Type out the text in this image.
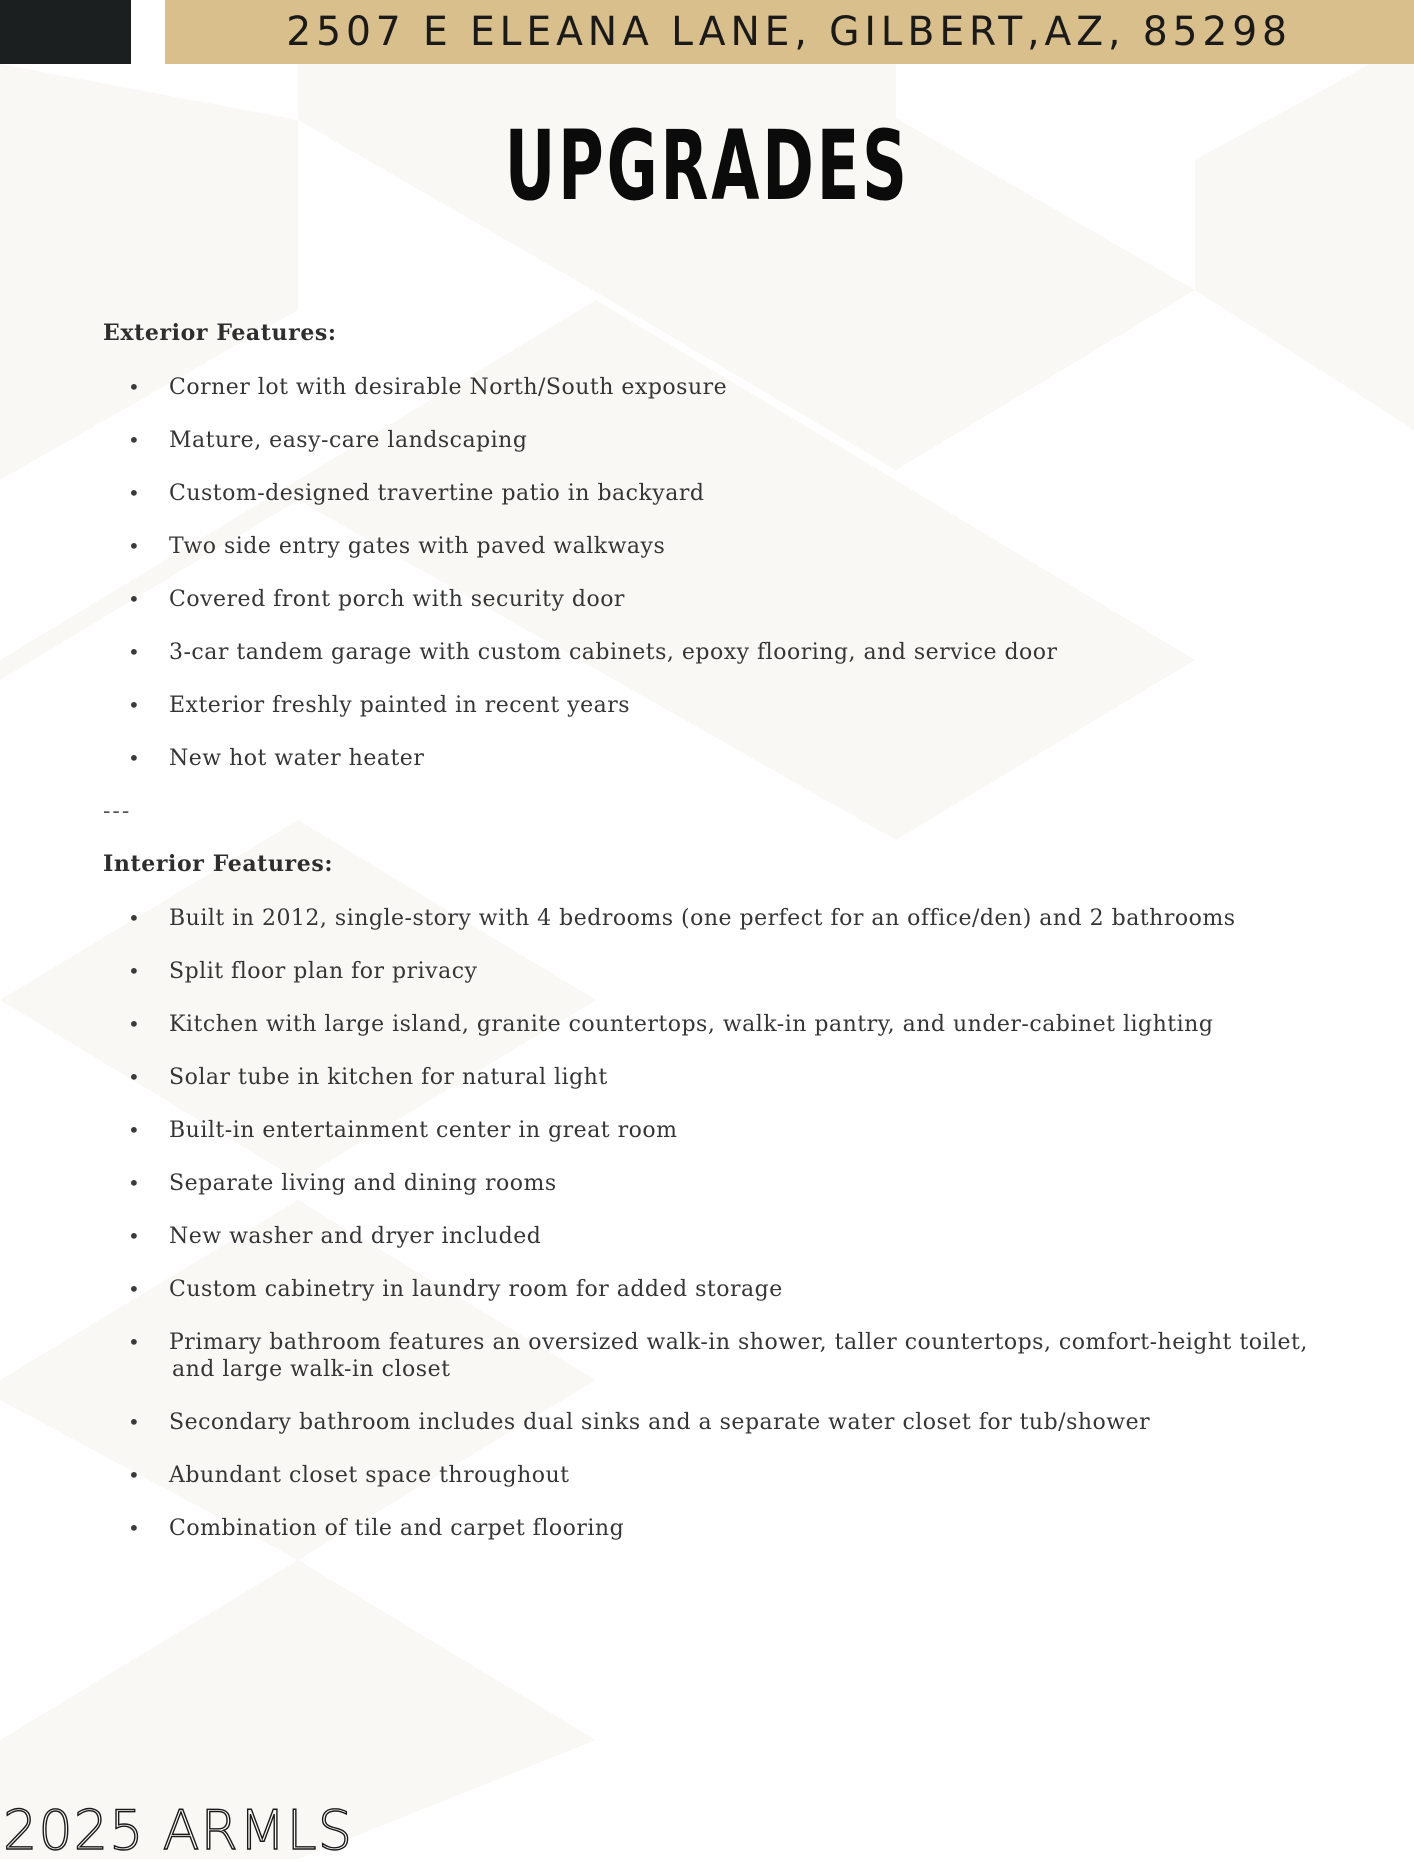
2507 E ELEANA LANE, GILBERT,AZ, 85298
UPGRADES
Exterior Features:
• Corner lot with desirable North/South exposure
• Mature, easy-care landscaping
• Custom-designed travertine patio in backyard
• Two side entry gates with paved walkways
• Covered front porch with security door
• 3-car tandem garage with custom cabinets, epoxy flooring, and service door
• Exterior freshly painted in recent years
• New hot water heater
---
Interior Features:
• Built in 2012, single-story with 4 bedrooms (one perfect for an office/den) and 2 bathrooms
• Split floor plan for privacy
• Kitchen with large island, granite countertops, walk-in pantry, and under-cabinet lighting
• Solar tube in kitchen for natural light
• Built-in entertainment center in great room
• Separate living and dining rooms
• New washer and dryer included
• Custom cabinetry in laundry room for added storage
• Primary bathroom features an oversized walk-in shower, taller countertops, comfort-height toilet,
and large walk-in closet
• Secondary bathroom includes dual sinks and a separate water closet for tub/shower
• Abundant closet space throughout
• Combination of tile and carpet flooring
2025 ARMLS
